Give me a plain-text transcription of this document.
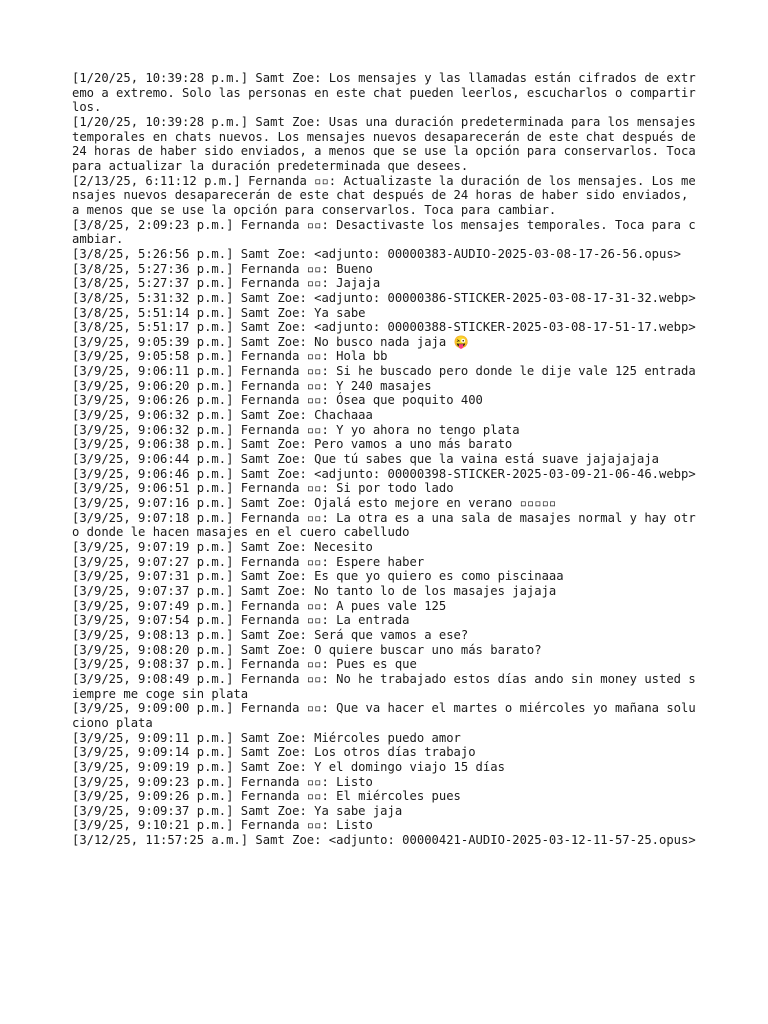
[1/20/25, 10:39:28 p.m.] Samt Zoe: Los mensajes y las llamadas están cifrados de extremo a extremo. Solo las personas en este chat pueden leerlos, escucharlos o compartirlos.
[1/20/25, 10:39:28 p.m.] Samt Zoe: Usas una duración predeterminada para los mensajes temporales en chats nuevos. Los mensajes nuevos desaparecerán de este chat después de 24 horas de haber sido enviados, a menos que se use la opción para conservarlos. Toca para actualizar la duración predeterminada que desees.
[2/13/25, 6:11:12 p.m.] Fernanda ▫▫: Actualizaste la duración de los mensajes. Los mensajes nuevos desaparecerán de este chat después de 24 horas de haber sido enviados, a menos que se use la opción para conservarlos. Toca para cambiar.
[3/8/25, 2:09:23 p.m.] Fernanda ▫▫: Desactivaste los mensajes temporales. Toca para cambiar.
[3/8/25, 5:26:56 p.m.] Samt Zoe: <adjunto: 00000383-AUDIO-2025-03-08-17-26-56.opus>
[3/8/25, 5:27:36 p.m.] Fernanda ▫▫: Bueno
[3/8/25, 5:27:37 p.m.] Fernanda ▫▫: Jajaja
[3/8/25, 5:31:32 p.m.] Samt Zoe: <adjunto: 00000386-STICKER-2025-03-08-17-31-32.webp>
[3/8/25, 5:51:14 p.m.] Samt Zoe: Ya sabe
[3/8/25, 5:51:17 p.m.] Samt Zoe: <adjunto: 00000388-STICKER-2025-03-08-17-51-17.webp>
[3/9/25, 9:05:39 p.m.] Samt Zoe: No busco nada jaja 😜
[3/9/25, 9:05:58 p.m.] Fernanda ▫▫: Hola bb
[3/9/25, 9:06:11 p.m.] Fernanda ▫▫: Si he buscado pero donde le dije vale 125 entrada
[3/9/25, 9:06:20 p.m.] Fernanda ▫▫: Y 240 masajes
[3/9/25, 9:06:26 p.m.] Fernanda ▫▫: Ósea que poquito 400
[3/9/25, 9:06:32 p.m.] Samt Zoe: Chachaaa
[3/9/25, 9:06:32 p.m.] Fernanda ▫▫: Y yo ahora no tengo plata
[3/9/25, 9:06:38 p.m.] Samt Zoe: Pero vamos a uno más barato
[3/9/25, 9:06:44 p.m.] Samt Zoe: Que tú sabes que la vaina está suave jajajajaja
[3/9/25, 9:06:46 p.m.] Samt Zoe: <adjunto: 00000398-STICKER-2025-03-09-21-06-46.webp>
[3/9/25, 9:06:51 p.m.] Fernanda ▫▫: Si por todo lado
[3/9/25, 9:07:16 p.m.] Samt Zoe: Ojalá esto mejore en verano ▫▫▫▫▫
[3/9/25, 9:07:18 p.m.] Fernanda ▫▫: La otra es a una sala de masajes normal y hay otro donde le hacen masajes en el cuero cabelludo
[3/9/25, 9:07:19 p.m.] Samt Zoe: Necesito
[3/9/25, 9:07:27 p.m.] Fernanda ▫▫: Espere haber
[3/9/25, 9:07:31 p.m.] Samt Zoe: Es que yo quiero es como piscinaaa
[3/9/25, 9:07:37 p.m.] Samt Zoe: No tanto lo de los masajes jajaja
[3/9/25, 9:07:49 p.m.] Fernanda ▫▫: A pues vale 125
[3/9/25, 9:07:54 p.m.] Fernanda ▫▫: La entrada
[3/9/25, 9:08:13 p.m.] Samt Zoe: Será que vamos a ese?
[3/9/25, 9:08:20 p.m.] Samt Zoe: O quiere buscar uno más barato?
[3/9/25, 9:08:37 p.m.] Fernanda ▫▫: Pues es que
[3/9/25, 9:08:49 p.m.] Fernanda ▫▫: No he trabajado estos días ando sin money usted siempre me coge sin plata
[3/9/25, 9:09:00 p.m.] Fernanda ▫▫: Que va hacer el martes o miércoles yo mañana soluciono plata
[3/9/25, 9:09:11 p.m.] Samt Zoe: Miércoles puedo amor
[3/9/25, 9:09:14 p.m.] Samt Zoe: Los otros días trabajo
[3/9/25, 9:09:19 p.m.] Samt Zoe: Y el domingo viajo 15 días
[3/9/25, 9:09:23 p.m.] Fernanda ▫▫: Listo
[3/9/25, 9:09:26 p.m.] Fernanda ▫▫: El miércoles pues
[3/9/25, 9:09:37 p.m.] Samt Zoe: Ya sabe jaja
[3/9/25, 9:10:21 p.m.] Fernanda ▫▫: Listo
[3/12/25, 11:57:25 a.m.] Samt Zoe: <adjunto: 00000421-AUDIO-2025-03-12-11-57-25.opus>
